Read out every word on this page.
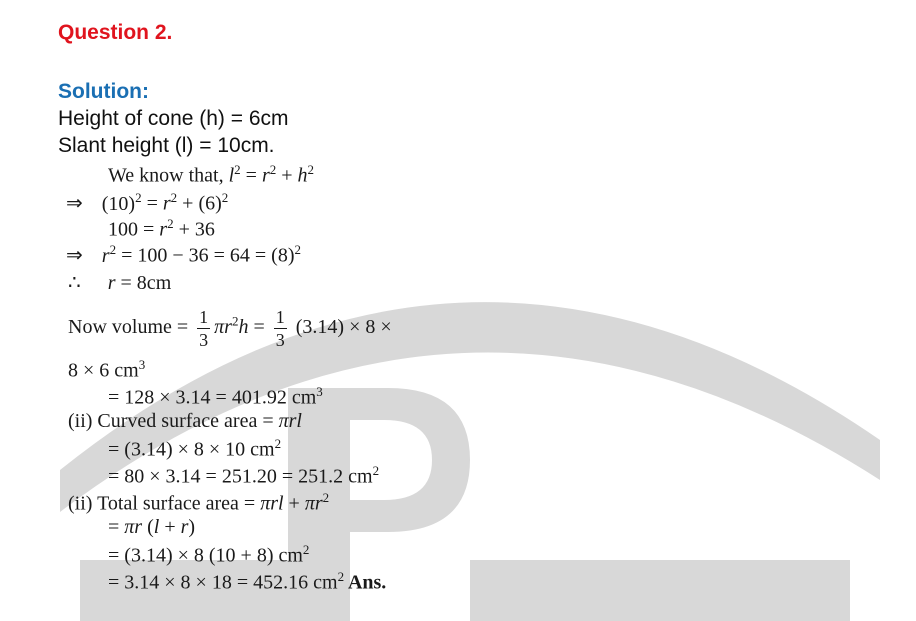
Question 2.
Solution:
Height of cone (h) = 6cm
Slant height (l) = 10cm.
We know that, $l^2 = r^2 + h^2$
⇒ $(10)^2 = r^2 + (6)^2$
$100 = r^2 + 36$
⇒ $r^2 = 100 - 36 = 64 = (8)^2$
∴ r = 8cm
Now volume = $\frac{1}{3} \pi r^2h = \frac{1}{3} (3.14) \times 8$ ×
8 × 6 $cm^3$
= 128 × 3.14 = 401.92 $cm^3$
(ii) Curved surface area = πrl
= (3.14) × 8 × 10 $cm^2$
= 80 × 3.14 = 251.20 = 251.2 $cm^2$
(ii) Total surface area = $\pi rl + \pi r^2$
= πr (l + r)
= (3.14) × 8 (10 + 8) $cm^2$
= 3.14 × 8 × 18 = 452.16 $cm^2$ Ans.
